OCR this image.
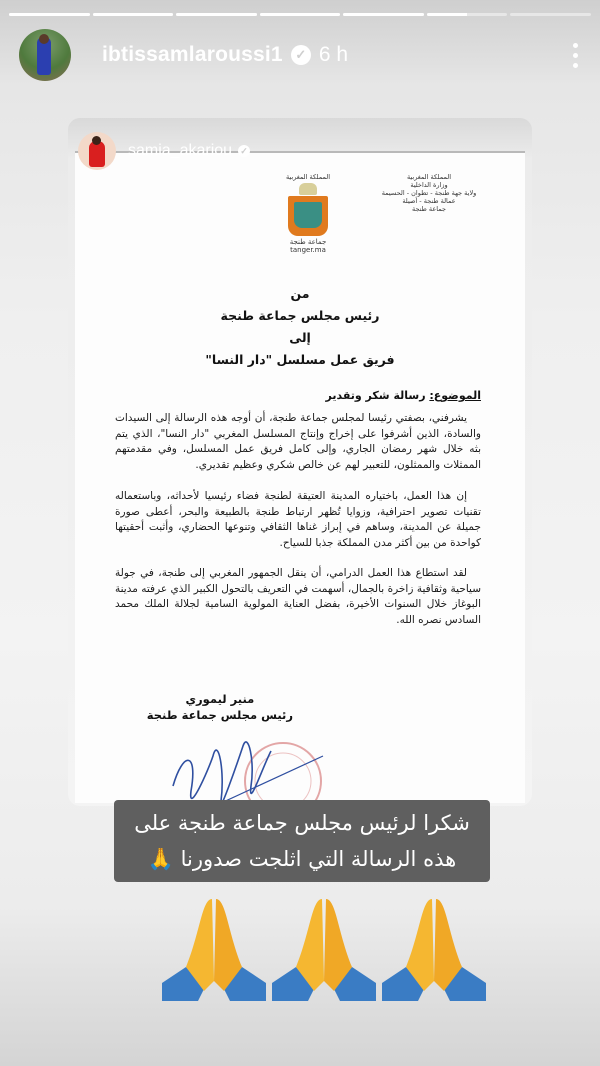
ibtissamlaroussi1 ✓ 6 h
المملكة المغربية
وزارة الداخلية
ولاية جهة طنجة - تطوان - الحسيمة
عمالة طنجة - أصيلة
جماعة طنجة
المملكة المغربية
جماعة طنجة
tanger.ma
من
رئيس مجلس جماعة طنجة
إلى
فريق عمل مسلسل "دار النسا"
الموضوع: رسالة شكر وتقدير
يشرفني، بصفتي رئيسا لمجلس جماعة طنجة، أن أوجه هذه الرسالة إلى السيدات والسادة، الذين أشرفوا على إخراج وإنتاج المسلسل المغربي "دار النسا"، الذي يتم بثه خلال شهر رمضان الجاري، وإلى كامل فريق عمل المسلسل، وفي مقدمتهم الممثلات والممثلون، للتعبير لهم عن خالص شكري وعظيم تقديري.
إن هذا العمل، باختياره المدينة العتيقة لطنجة فضاء رئيسيا لأحداثه، وباستعماله تقنيات تصوير احترافية، وزوايا تُظهر ارتباط طنجة بالطبيعة والبحر، أعطى صورة جميلة عن المدينة، وساهم في إبراز غناها الثقافي وتنوعها الحضاري، وأثبت أحقيتها كواحدة من بين أكثر مدن المملكة جذبا للسياح.
لقد استطاع هذا العمل الدرامي، أن ينقل الجمهور المغربي إلى طنجة، في جولة سياحية وثقافية زاخرة بالجمال، أسهمت في التعريف بالتحول الكبير الذي عرفته مدينة البوغاز خلال السنوات الأخيرة، بفضل العناية المولوية السامية لجلالة الملك محمد السادس نصره الله.
منير ليموري
رئيس مجلس جماعة طنجة
samia_akariou ✓
شكرا لرئيس مجلس جماعة طنجة على
هذه الرسالة التي اثلجت صدورنا 🙏
